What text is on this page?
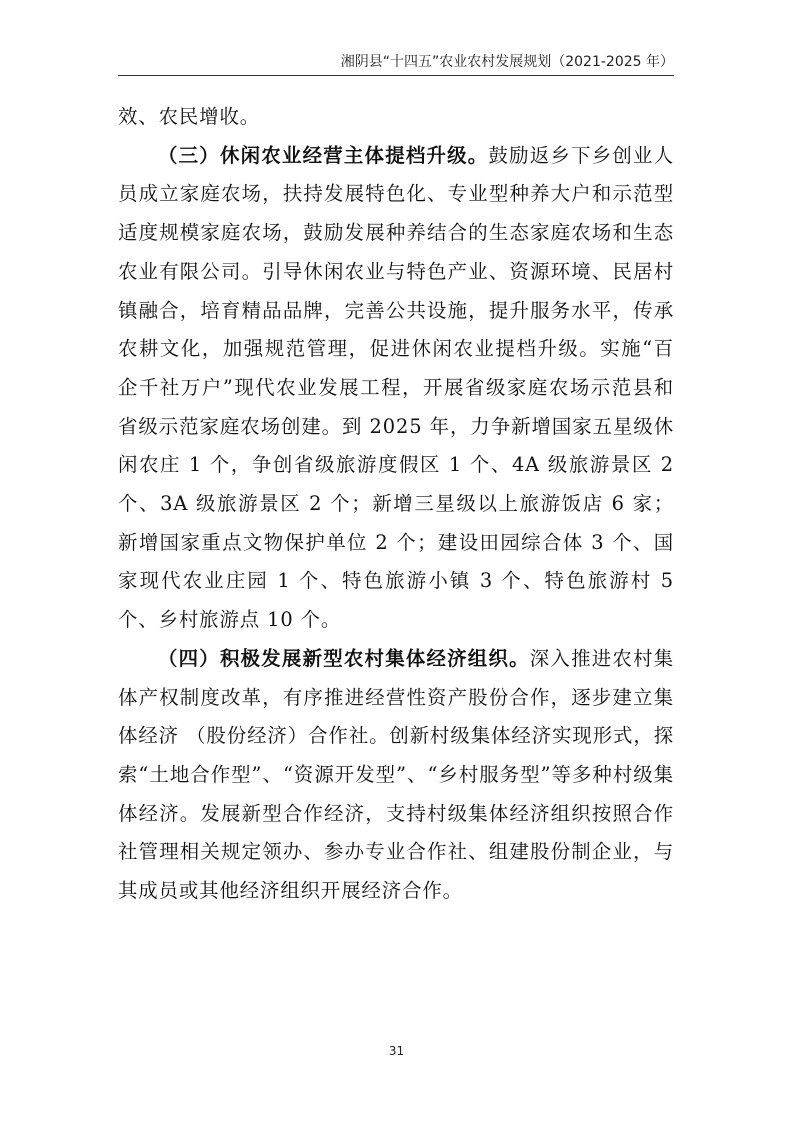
湘阴县“十四五”农业农村发展规划（2021-2025 年）

效、农民增收。

（三）休闲农业经营主体提档升级。鼓励返乡下乡创业人员成立家庭农场，扶持发展特色化、专业型种养大户和示范型适度规模家庭农场，鼓励发展种养结合的生态家庭农场和生态农业有限公司。引导休闲农业与特色产业、资源环境、民居村镇融合，培育精品品牌，完善公共设施，提升服务水平，传承农耕文化，加强规范管理，促进休闲农业提档升级。实施“百企千社万户”现代农业发展工程，开展省级家庭农场示范县和省级示范家庭农场创建。到 2025 年，力争新增国家五星级休闲农庄 1 个，争创省级旅游度假区 1 个、4A 级旅游景区 2 个、3A 级旅游景区 2 个；新增三星级以上旅游饭店 6 家；新增国家重点文物保护单位 2 个；建设田园综合体 3 个、国家现代农业庄园 1 个、特色旅游小镇 3 个、特色旅游村 5 个、乡村旅游点 10 个。

（四）积极发展新型农村集体经济组织。深入推进农村集体产权制度改革，有序推进经营性资产股份合作，逐步建立集体经济 （股份经济）合作社。创新村级集体经济实现形式，探索“土地合作型”、“资源开发型”、“乡村服务型”等多种村级集体经济。发展新型合作经济，支持村级集体经济组织按照合作社管理相关规定领办、参办专业合作社、组建股份制企业，与其成员或其他经济组织开展经济合作。

31
